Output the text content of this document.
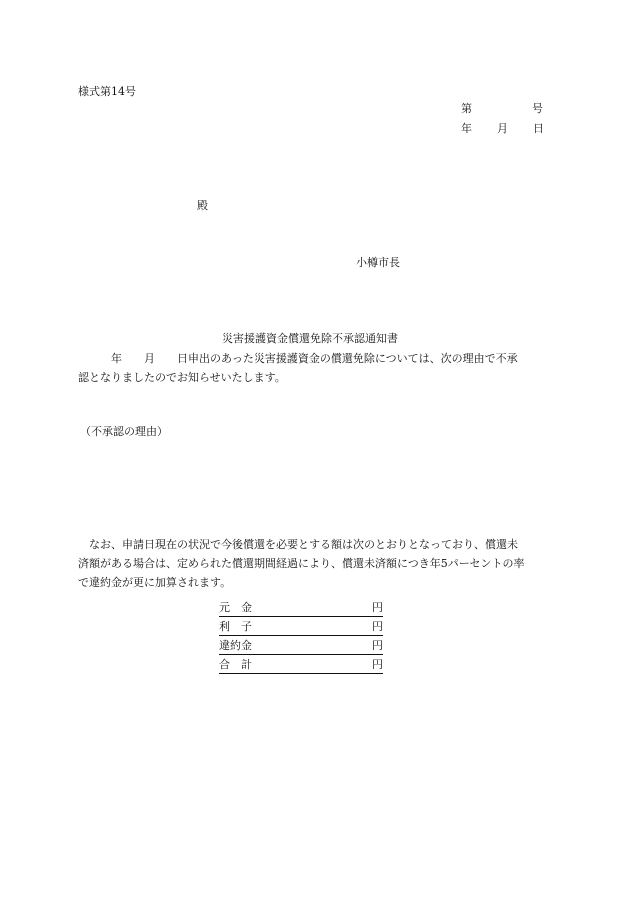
様式第14号
第	号
年 月 日
殿
小樽市長
災害援護資金償還免除不承認通知書
　　　年　　月　　日申出のあった災害援護資金の償還免除については、次の理由で不承
認となりましたのでお知らせいたします。
（不承認の理由）
　なお、申請日現在の状況で今後償還を必要とする額は次のとおりとなっており、償還未
済額がある場合は、定められた償還期間経過により、償還未済額につき年5パーセントの率
で違約金が更に加算されます。
元　金	円
利　子	円
違約金	円
合　計	円
